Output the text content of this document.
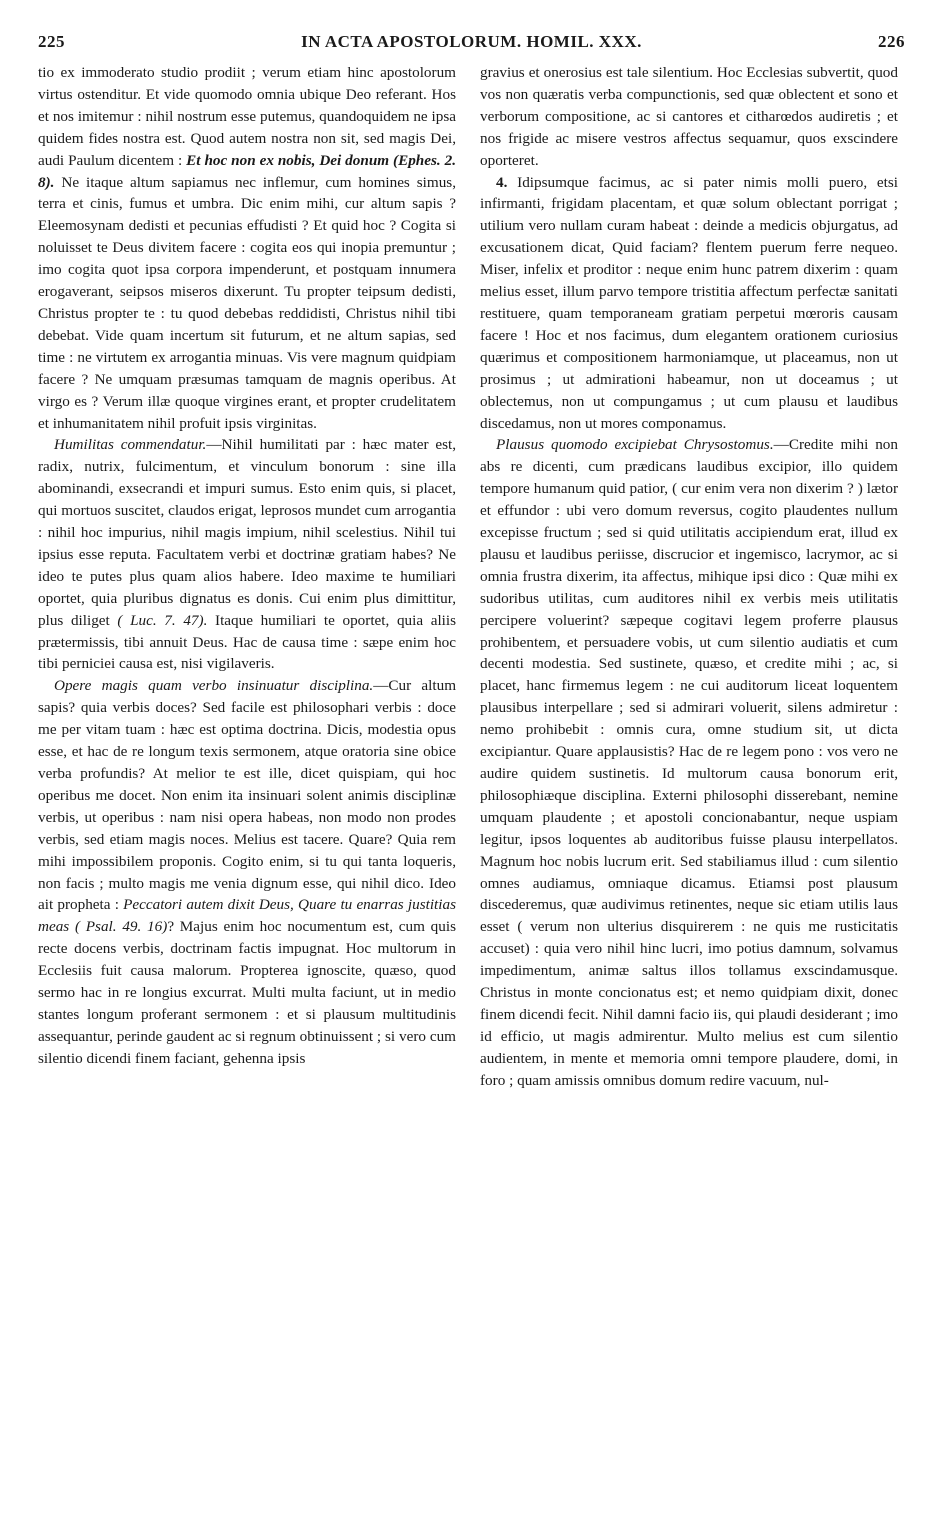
225	IN ACTA APOSTOLORUM. HOMIL. XXX.	226

tio ex immoderato studio prodiit ; verum etiam hinc apostolorum virtus ostenditur. Et vide quomodo omnia ubique Deo referant. Hos et nos imitemur : nihil nostrum esse putemus, quandoquidem ne ipsa quidem fides nostra est. Quod autem nostra non sit, sed magis Dei, audi Paulum dicentem : Et hoc non ex nobis, Dei donum (Ephes. 2. 8). Ne itaque altum sapiamus nec inflemur, cum homines simus, terra et cinis, fumus et umbra. Dic enim mihi, cur altum sapis ? Eleemosynam dedisti et pecunias effudisti ? Et quid hoc ? Cogita si noluisset te Deus divitem facere : cogita eos qui inopia premuntur ; imo cogita quot ipsa corpora impenderunt, et postquam innumera erogaverant, seipsos miseros dixerunt. Tu propter teipsum dedisti, Christus propter te : tu quod debebas reddidisti, Christus nihil tibi debebat. Vide quam incertum sit futurum, et ne altum sapias, sed time : ne virtutem ex arrogantia minuas. Vis vere magnum quidpiam facere ? Ne umquam præsumas tamquam de magnis operibus. At virgo es ? Verum illæ quoque virgines erant, et propter crudelitatem et inhumanitatem nihil profuit ipsis virginitas.

Humilitas commendatur.—Nihil humilitati par : hæc mater est, radix, nutrix, fulcimentum, et vinculum bonorum : sine illa abominandi, exsecrandi et impuri sumus. Esto enim quis, si placet, qui mortuos suscitet, claudos erigat, leprosos mundet cum arrogantia : nihil hoc impurius, nihil magis impium, nihil scelestius. Nihil tui ipsius esse reputa. Facultatem verbi et doctrinæ gratiam habes? Ne ideo te putes plus quam alios habere. Ideo maxime te humiliari oportet, quia pluribus dignatus es donis. Cui enim plus dimittitur, plus diliget ( Luc. 7. 47). Itaque humiliari te oportet, quia aliis prætermissis, tibi annuit Deus. Hac de causa time : sæpe enim hoc tibi perniciei causa est, nisi vigilaveris.

Opere magis quam verbo insinuatur disciplina.—Cur altum sapis? quia verbis doces? Sed facile est philosophari verbis : doce me per vitam tuam : hæc est optima doctrina. Dicis, modestia opus esse, et hac de re longum texis sermonem, atque oratoria sine obice verba profundis? At melior te est ille, dicet quispiam, qui hoc operibus me docet. Non enim ita insinuari solent animis disciplinæ verbis, ut operibus : nam nisi opera habeas, non modo non prodes verbis, sed etiam magis noces. Melius est tacere. Quare? Quia rem mihi impossibilem proponis. Cogito enim, si tu qui tanta loqueris, non facis ; multo magis me venia dignum esse, qui nihil dico. Ideo ait propheta : Peccatori autem dixit Deus, Quare tu enarras justitias meas ( Psal. 49. 16)? Majus enim hoc nocumentum est, cum quis recte docens verbis, doctrinam factis impugnat. Hoc multorum in Ecclesiis fuit causa malorum. Propterea ignoscite, quæso, quod sermo hac in re longius excurrat. Multi multa faciunt, ut in medio stantes longum proferant sermonem : et si plausum multitudinis assequantur, perinde gaudent ac si regnum obtinuissent ; si vero cum silentio dicendi finem faciant, gehenna ipsis

gravius et onerosius est tale silentium. Hoc Ecclesias subvertit, quod vos non quæratis verba compunctionis, sed quæ oblectent et sono et verborum compositione, ac si cantores et citharœdos audiretis ; et nos frigide ac misere vestros affectus sequamur, quos exscindere oporteret.

4. Idipsumque facimus, ac si pater nimis molli puero, etsi infirmanti, frigidam placentam, et quæ solum oblectant porrigat ; utilium vero nullam curam habeat : deinde a medicis objurgatus, ad excusationem dicat, Quid faciam? flentem puerum ferre nequeo. Miser, infelix et proditor : neque enim hunc patrem dixerim : quam melius esset, illum parvo tempore tristitia affectum perfectæ sanitati restituere, quam temporaneam gratiam perpetui mœroris causam facere ! Hoc et nos facimus, dum elegantem orationem curiosius quærimus et compositionem harmoniamque, ut placeamus, non ut prosimus ; ut admirationi habeamur, non ut doceamus ; ut oblectemus, non ut compungamus ; ut cum plausu et laudibus discedamus, non ut mores componamus.

Plausus quomodo excipiebat Chrysostomus.—Credite mihi non abs re dicenti, cum prædicans laudibus excipior, illo quidem tempore humanum quid patior, ( cur enim vera non dixerim ? ) lætor et effundor : ubi vero domum reversus, cogito plaudentes nullum excepisse fructum ; sed si quid utilitatis accipiendum erat, illud ex plausu et laudibus periisse, discrucior et ingemisco, lacrymor, ac si omnia frustra dixerim, ita affectus, mihique ipsi dico : Quæ mihi ex sudoribus utilitas, cum auditores nihil ex verbis meis utilitatis percipere voluerint? sæpeque cogitavi legem proferre plausus prohibentem, et persuadere vobis, ut cum silentio audiatis et cum decenti modestia. Sed sustinete, quæso, et credite mihi ; ac, si placet, hanc firmemus legem : ne cui auditorum liceat loquentem plausibus interpellare ; sed si admirari voluerit, silens admiretur : nemo prohibebit : omnis cura, omne studium sit, ut dicta excipiantur. Quare applausistis? Hac de re legem pono : vos vero ne audire quidem sustinetis. Id multorum causa bonorum erit, philosophiæque disciplina. Externi philosophi disserebant, nemine umquam plaudente ; et apostoli concionabantur, neque uspiam legitur, ipsos loquentes ab auditoribus fuisse plausu interpellatos. Magnum hoc nobis lucrum erit. Sed stabiliamus illud : cum silentio omnes audiamus, omniaque dicamus. Etiamsi post plausum discederemus, quæ audivimus retinentes, neque sic etiam utilis laus esset ( verum non ulterius disquirerem : ne quis me rusticitatis accuset) : quia vero nihil hinc lucri, imo potius damnum, solvamus impedimentum, animæ saltus illos tollamus exscindamusque. Christus in monte concionatus est; et nemo quidpiam dixit, donec finem dicendi fecit. Nihil damni facio iis, qui plaudi desiderant ; imo id efficio, ut magis admirentur. Multo melius est cum silentio audientem, in mente et memoria omni tempore plaudere, domi, in foro ; quam amissis omnibus domum redire vacuum, nul-
